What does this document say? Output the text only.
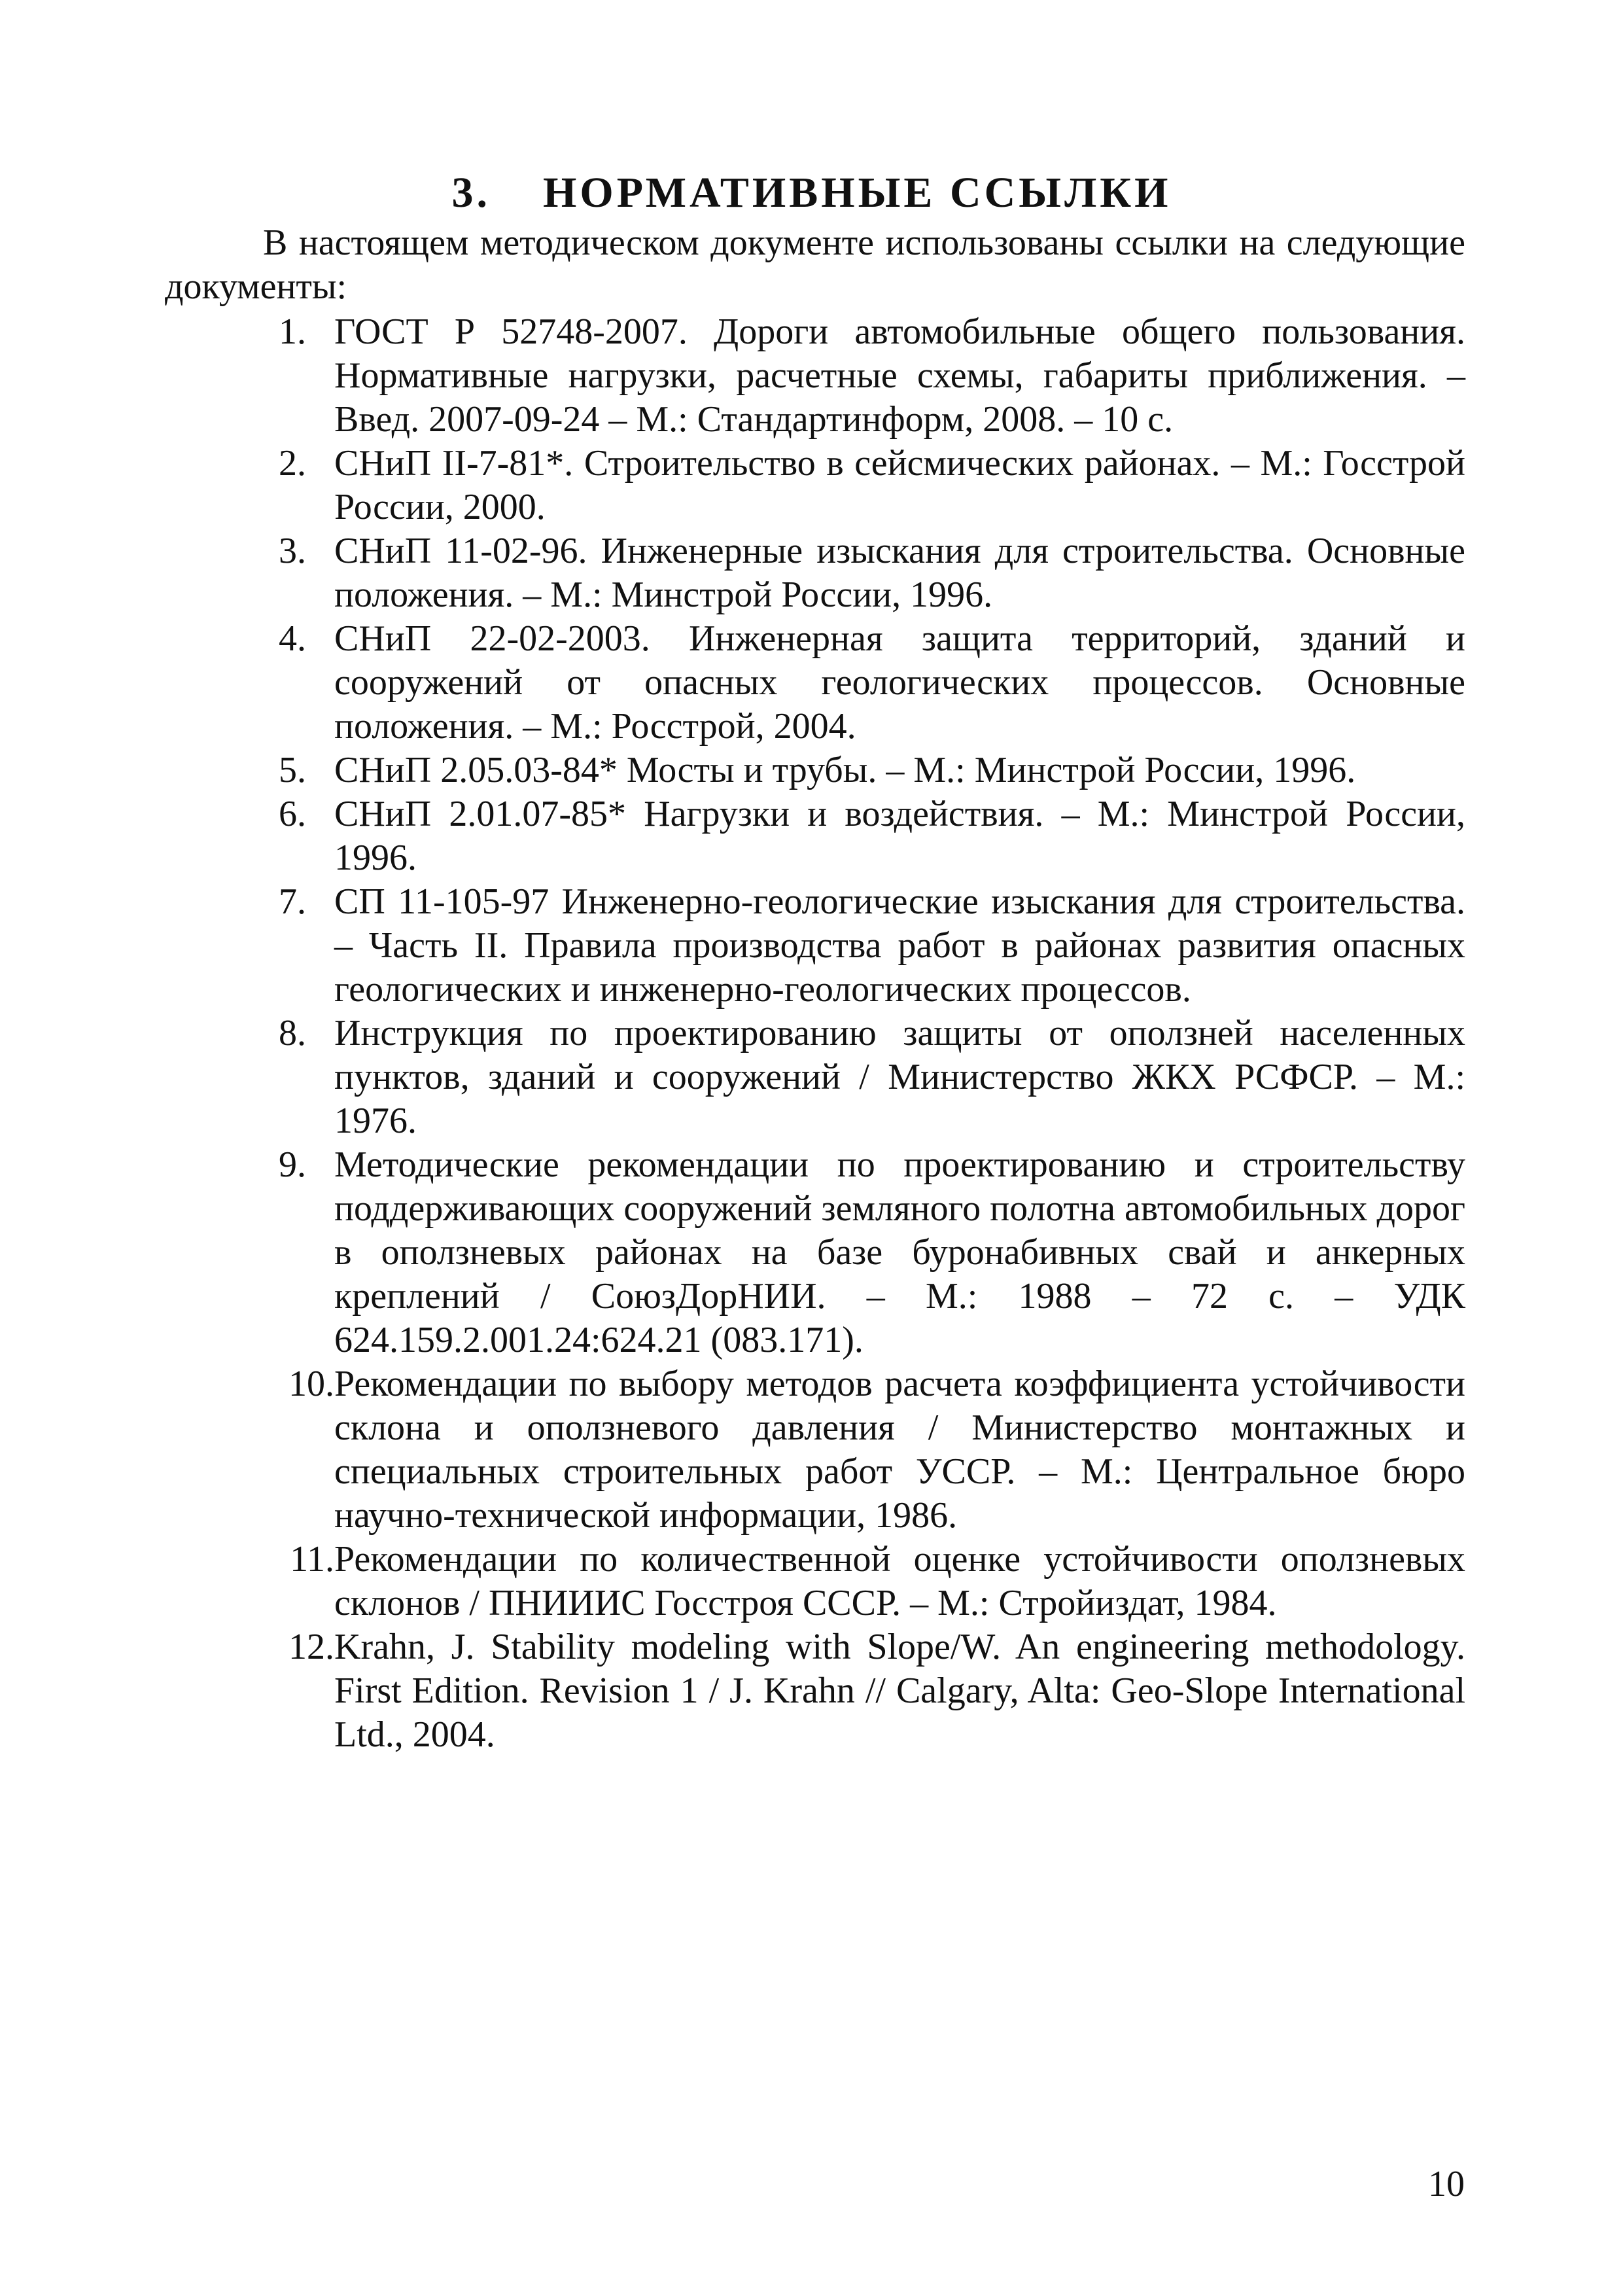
3. НОРМАТИВНЫЕ ССЫЛКИ

В настоящем методическом документе использованы ссылки на следующие документы:

1. ГОСТ Р 52748-2007. Дороги автомобильные общего пользования. Нормативные нагрузки, расчетные схемы, габариты приближения. – Введ. 2007-09-24 – М.: Стандартинформ, 2008. – 10 с.
2. СНиП II-7-81*. Строительство в сейсмических районах. – М.: Госстрой России, 2000.
3. СНиП 11-02-96. Инженерные изыскания для строительства. Основные положения. – М.: Минстрой России, 1996.
4. СНиП 22-02-2003. Инженерная защита территорий, зданий и сооружений от опасных геологических процессов. Основные положения. – М.: Росстрой, 2004.
5. СНиП 2.05.03-84* Мосты и трубы. – М.: Минстрой России, 1996.
6. СНиП 2.01.07-85* Нагрузки и воздействия. – М.: Минстрой России, 1996.
7. СП 11-105-97 Инженерно-геологические изыскания для строительства. – Часть II. Правила производства работ в районах развития опасных геологических и инженерно-геологических процессов.
8. Инструкция по проектированию защиты от оползней населенных пунктов, зданий и сооружений / Министерство ЖКХ РСФСР. – М.: 1976.
9. Методические рекомендации по проектированию и строительству поддерживающих сооружений земляного полотна автомобильных дорог в оползневых районах на базе буронабивных свай и анкерных креплений / СоюзДорНИИ. – М.: 1988 – 72 с. – УДК 624.159.2.001.24:624.21 (083.171).
10. Рекомендации по выбору методов расчета коэффициента устойчивости склона и оползневого давления / Министерство монтажных и специальных строительных работ УССР. – М.: Центральное бюро научно-технической информации, 1986.
11. Рекомендации по количественной оценке устойчивости оползневых склонов / ПНИИИС Госстроя СССР. – М.: Стройиздат, 1984.
12. Krahn, J. Stability modeling with Slope/W. An engineering methodology. First Edition. Revision 1 / J. Krahn // Calgary, Alta: Geo-Slope International Ltd., 2004.
10
